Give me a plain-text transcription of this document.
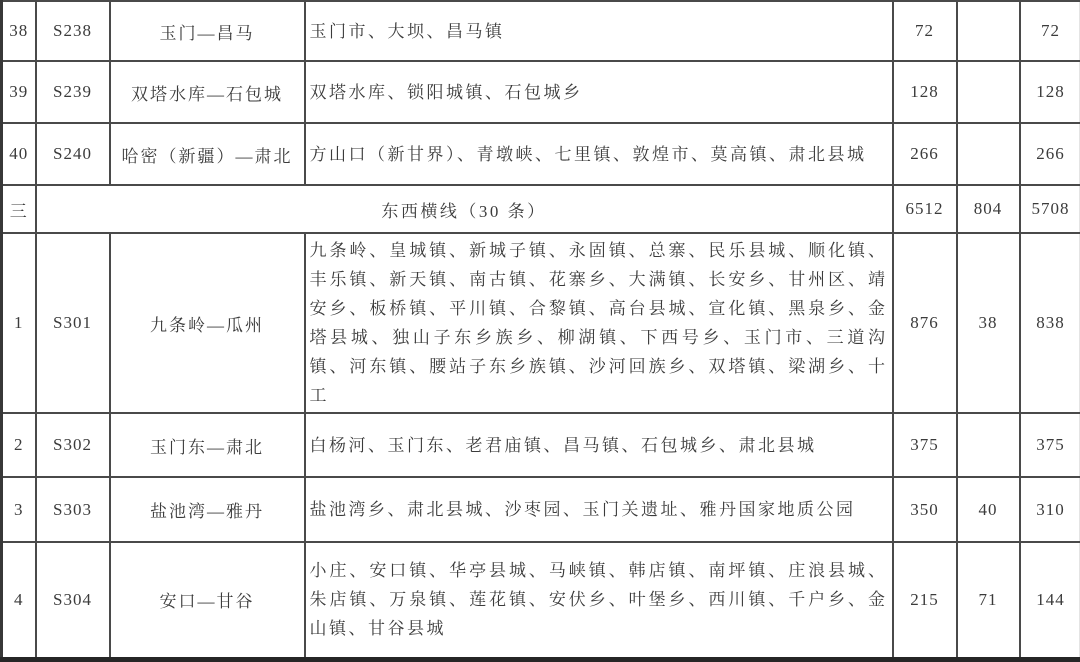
38	S238	玉门—昌马	玉门市、大坝、昌马镇	72		72
39	S239	双塔水库—石包城	双塔水库、锁阳城镇、石包城乡	128		128
40	S240	哈密（新疆）—肃北	方山口（新甘界）、青墩峡、七里镇、敦煌市、莫高镇、肃北县城	266		266
三	东西横线（30 条）			6512	804	5708
1	S301	九条岭—瓜州	九条岭、皇城镇、新城子镇、永固镇、总寨、民乐县城、顺化镇、丰乐镇、新天镇、南古镇、花寨乡、大满镇、长安乡、甘州区、靖安乡、板桥镇、平川镇、合黎镇、高台县城、宣化镇、黑泉乡、金塔县城、独山子东乡族乡、柳湖镇、下西号乡、玉门市、三道沟镇、河东镇、腰站子东乡族镇、沙河回族乡、双塔镇、梁湖乡、十工	876	38	838
2	S302	玉门东—肃北	白杨河、玉门东、老君庙镇、昌马镇、石包城乡、肃北县城	375		375
3	S303	盐池湾—雅丹	盐池湾乡、肃北县城、沙枣园、玉门关遗址、雅丹国家地质公园	350	40	310
4	S304	安口—甘谷	小庄、安口镇、华亭县城、马峡镇、韩店镇、南坪镇、庄浪县城、朱店镇、万泉镇、莲花镇、安伏乡、叶堡乡、西川镇、千户乡、金山镇、甘谷县城	215	71	144
